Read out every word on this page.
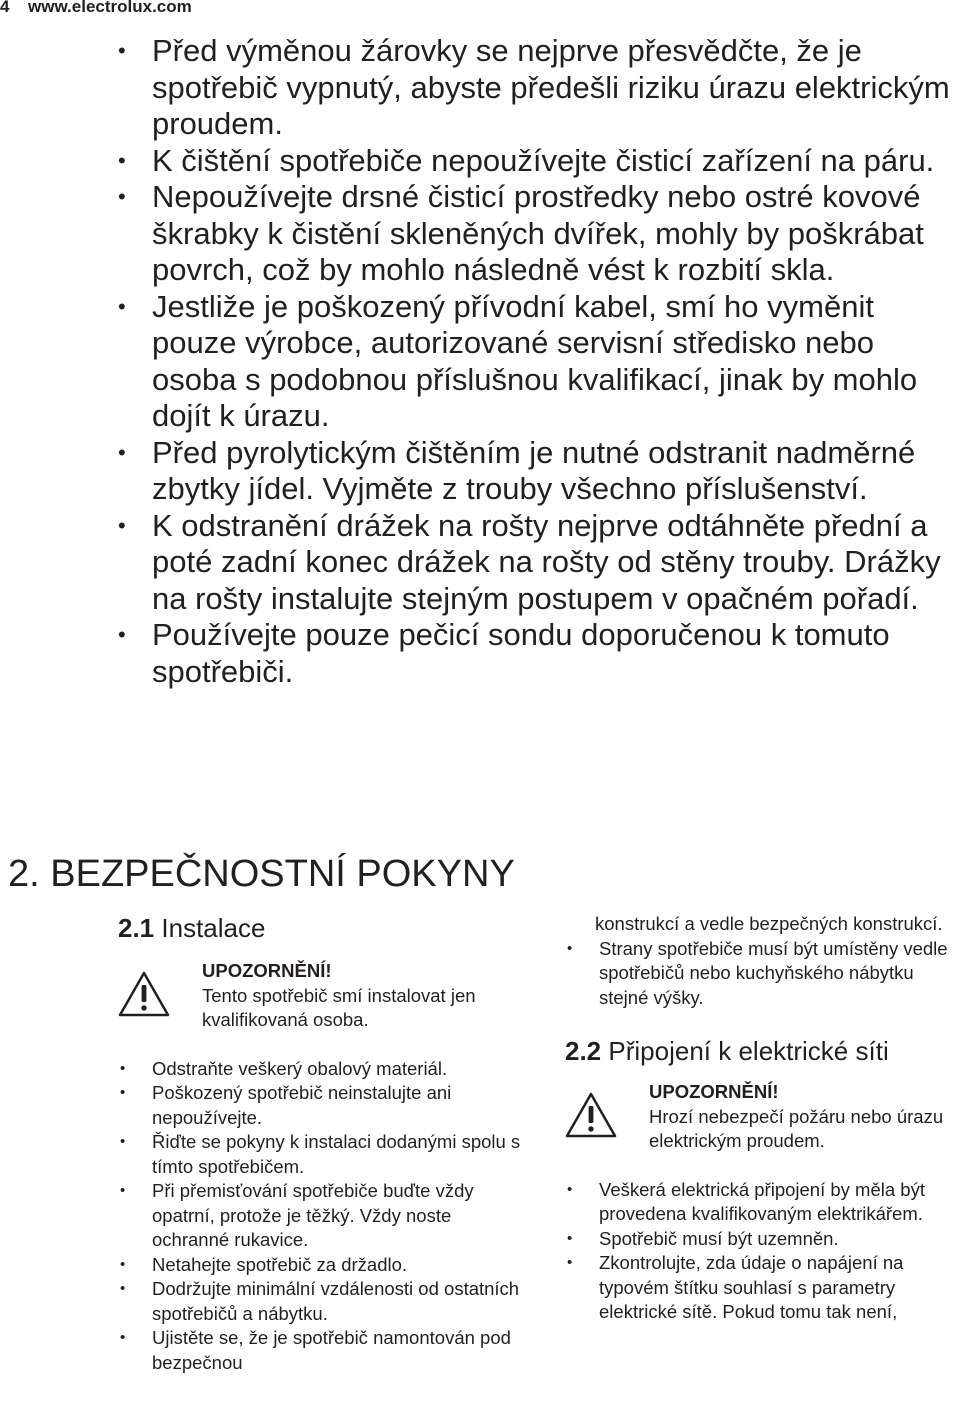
4 www.electrolux.com
• Před výměnou žárovky se nejprve přesvědčte, že je spotřebič vypnutý, abyste předešli riziku úrazu elektrickým proudem.
• K čištění spotřebiče nepoužívejte čisticí zařízení na páru.
• Nepoužívejte drsné čisticí prostředky nebo ostré kovové škrabky k čistění skleněných dvířek, mohly by poškrábat povrch, což by mohlo následně vést k rozbití skla.
• Jestliže je poškozený přívodní kabel, smí ho vyměnit pouze výrobce, autorizované servisní středisko nebo osoba s podobnou příslušnou kvalifikací, jinak by mohlo dojít k úrazu.
• Před pyrolytickým čištěním je nutné odstranit nadměrné zbytky jídel. Vyjměte z trouby všechno příslušenství.
• K odstranění drážek na rošty nejprve odtáhněte přední a poté zadní konec drážek na rošty od stěny trouby. Drážky na rošty instalujte stejným postupem v opačném pořadí.
• Používejte pouze pečicí sondu doporučenou k tomuto spotřebiči.
2. BEZPEČNOSTNÍ POKYNY
2.1 Instalace
UPOZORNĚNÍ!
Tento spotřebič smí instalovat jen kvalifikovaná osoba.
• Odstraňte veškerý obalový materiál.
• Poškozený spotřebič neinstalujte ani nepoužívejte.
• Řiďte se pokyny k instalaci dodanými spolu s tímto spotřebičem.
• Při přemisťování spotřebiče buďte vždy opatrní, protože je těžký. Vždy noste ochranné rukavice.
• Netahejte spotřebič za držadlo.
• Dodržujte minimální vzdálenosti od ostatních spotřebičů a nábytku.
• Ujistěte se, že je spotřebič namontován pod bezpečnou
konstrukcí a vedle bezpečných konstrukcí.
• Strany spotřebiče musí být umístěny vedle spotřebičů nebo kuchyňského nábytku stejné výšky.
2.2 Připojení k elektrické síti
UPOZORNĚNÍ!
Hrozí nebezpečí požáru nebo úrazu elektrickým proudem.
• Veškerá elektrická připojení by měla být provedena kvalifikovaným elektrikářem.
• Spotřebič musí být uzemněn.
• Zkontrolujte, zda údaje o napájení na typovém štítku souhlasí s parametry elektrické sítě. Pokud tomu tak není,
